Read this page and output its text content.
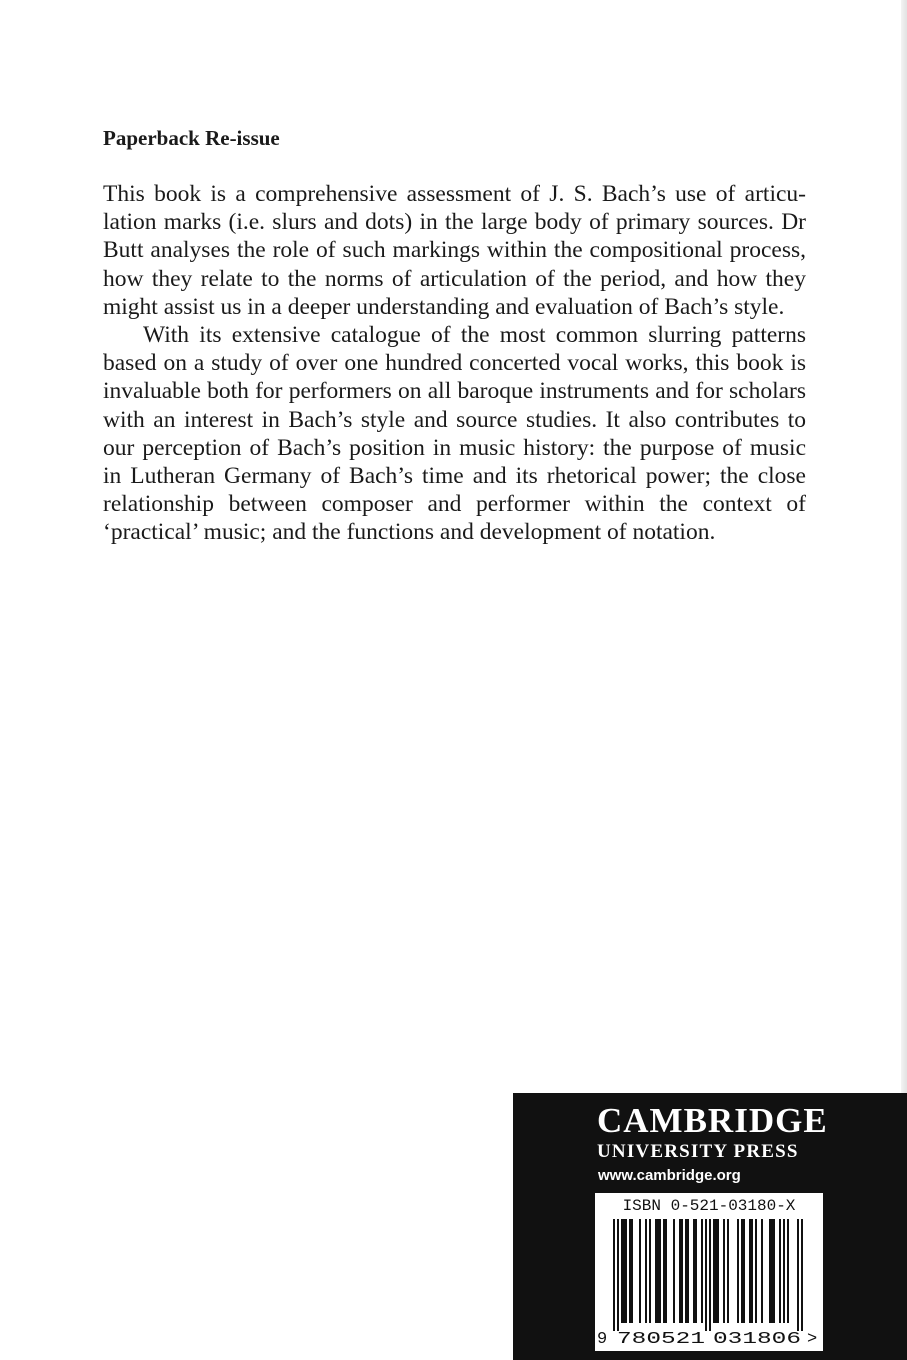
Paperback Re-issue

This book is a comprehensive assessment of J. S. Bach’s use of articu-lation marks (i.e. slurs and dots) in the large body of primary sources. Dr Butt analyses the role of such markings within the compositional process, how they relate to the norms of articulation of the period, and how they might assist us in a deeper understanding and evaluation of Bach’s style.

With its extensive catalogue of the most common slurring patterns based on a study of over one hundred concerted vocal works, this book is invaluable both for performers on all baroque instruments and for scholars with an interest in Bach’s style and source studies. It also contributes to our perception of Bach’s position in music history: the purpose of music in Lutheran Germany of Bach’s time and its rhetorical power; the close relationship between composer and performer within the context of ‘practical’ music; and the functions and development of notation.

CAMBRIDGE
UNIVERSITY PRESS
www.cambridge.org
ISBN 0-521-03180-X
9 780521 031806 >
